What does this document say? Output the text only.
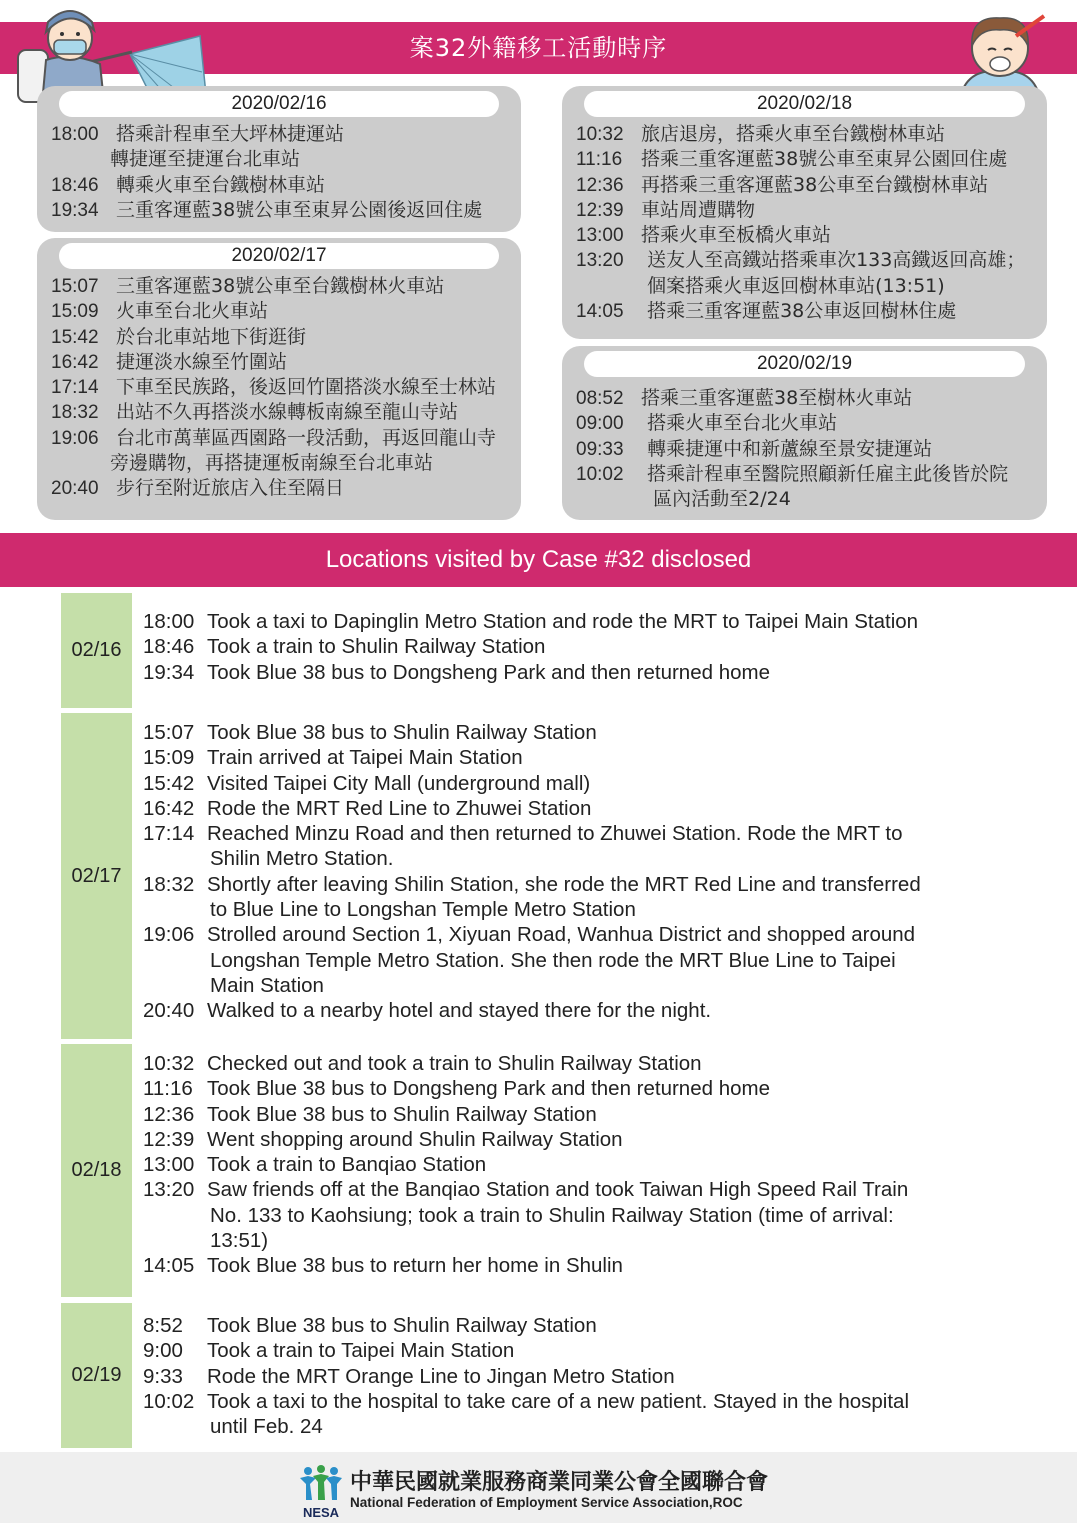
案32外籍移工活動時序
2020/02/16
18:00 搭乘計程車至大坪林捷運站
轉捷運至捷運台北車站
18:46 轉乘火車至台鐵樹林車站
19:34 三重客運藍38號公車至東昇公園後返回住處
2020/02/17
15:07 三重客運藍38號公車至台鐵樹林火車站
15:09 火車至台北火車站
15:42 於台北車站地下街逛街
16:42 捷運淡水線至竹圍站
17:14 下車至民族路，後返回竹圍搭淡水線至士林站
18:32 出站不久再搭淡水線轉板南線至龍山寺站
19:06 台北市萬華區西園路一段活動，再返回龍山寺
旁邊購物，再搭捷運板南線至台北車站
20:40 步行至附近旅店入住至隔日
2020/02/18
10:32 旅店退房，搭乘火車至台鐵樹林車站
11:16 搭乘三重客運藍38號公車至東昇公園回住處
12:36 再搭乘三重客運藍38公車至台鐵樹林車站
12:39 車站周遭購物
13:00 搭乘火車至板橋火車站
13:20 送友人至高鐵站搭乘車次133高鐵返回高雄；
個案搭乘火車返回樹林車站(13:51)
14:05 搭乘三重客運藍38公車返回樹林住處
2020/02/19
08:52 搭乘三重客運藍38至樹林火車站
09:00 搭乘火車至台北火車站
09:33 轉乘捷運中和新蘆線至景安捷運站
10:02 搭乘計程車至醫院照顧新任雇主此後皆於院
區內活動至2/24
Locations visited by Case #32 disclosed
02/16
18:00 Took a taxi to Dapinglin Metro Station and rode the MRT to Taipei Main Station
18:46 Took a train to Shulin Railway Station
19:34 Took Blue 38 bus to Dongsheng Park and then returned home
02/17
15:07 Took Blue 38 bus to Shulin Railway Station
15:09 Train arrived at Taipei Main Station
15:42 Visited Taipei City Mall (underground mall)
16:42 Rode the MRT Red Line to Zhuwei Station
17:14 Reached Minzu Road and then returned to Zhuwei Station. Rode the MRT to
Shilin Metro Station.
18:32 Shortly after leaving Shilin Station, she rode the MRT Red Line and transferred
to Blue Line to Longshan Temple Metro Station
19:06 Strolled around Section 1, Xiyuan Road, Wanhua District and shopped around
Longshan Temple Metro Station. She then rode the MRT Blue Line to Taipei
Main Station
20:40 Walked to a nearby hotel and stayed there for the night.
02/18
10:32 Checked out and took a train to Shulin Railway Station
11:16 Took Blue 38 bus to Dongsheng Park and then returned home
12:36 Took Blue 38 bus to Shulin Railway Station
12:39 Went shopping around Shulin Railway Station
13:00 Took a train to Banqiao Station
13:20 Saw friends off at the Banqiao Station and took Taiwan High Speed Rail Train
No. 133 to Kaohsiung; took a train to Shulin Railway Station (time of arrival:
13:51)
14:05 Took Blue 38 bus to return her home in Shulin
02/19
8:52	Took Blue 38 bus to Shulin Railway Station
9:00	Took a train to Taipei Main Station
9:33	Rode the MRT Orange Line to Jingan Metro Station
10:02 Took a taxi to the hospital to take care of a new patient. Stayed in the hospital
until Feb. 24
NESA
中華民國就業服務商業同業公會全國聯合會
National Federation of Employment Service Association,ROC
